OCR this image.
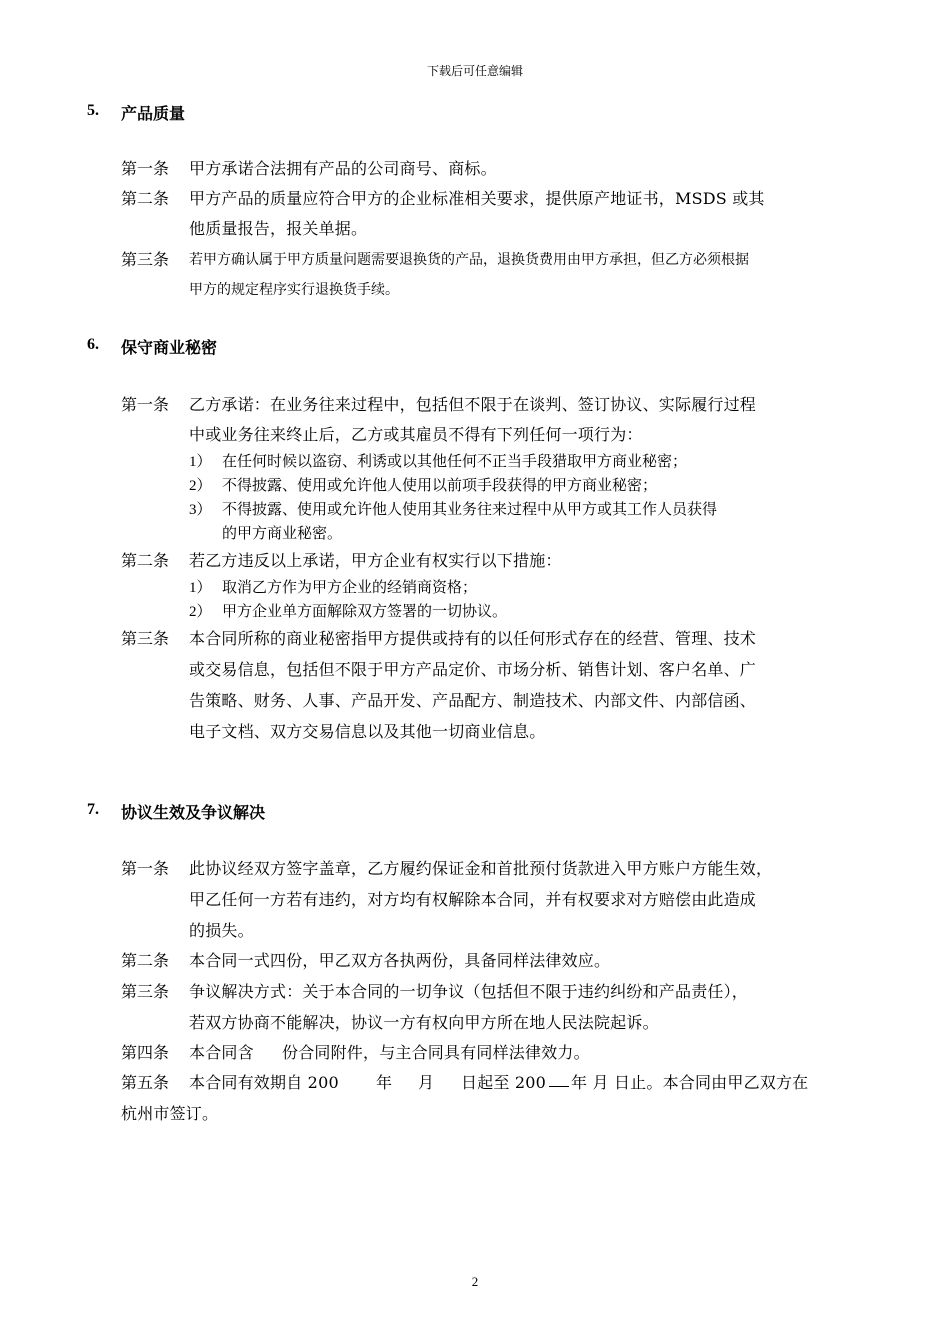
下载后可任意编辑
5. 产品质量
第一条 甲方承诺合法拥有产品的公司商号、商标。
第二条 甲方产品的质量应符合甲方的企业标准相关要求，提供原产地证书，MSDS 或其
他质量报告，报关单据。
第三条 若甲方确认属于甲方质量问题需要退换货的产品，退换货费用由甲方承担，但乙方必须根据
甲方的规定程序实行退换货手续。
6. 保守商业秘密
第一条 乙方承诺：在业务往来过程中，包括但不限于在谈判、签订协议、实际履行过程
中或业务往来终止后，乙方或其雇员不得有下列任何一项行为：
1） 在任何时候以盗窃、利诱或以其他任何不正当手段猎取甲方商业秘密；
2） 不得披露、使用或允许他人使用以前项手段获得的甲方商业秘密；
3） 不得披露、使用或允许他人使用其业务往来过程中从甲方或其工作人员获得
的甲方商业秘密。
第二条 若乙方违反以上承诺，甲方企业有权实行以下措施：
1） 取消乙方作为甲方企业的经销商资格；
2） 甲方企业单方面解除双方签署的一切协议。
第三条 本合同所称的商业秘密指甲方提供或持有的以任何形式存在的经营、管理、技术
或交易信息，包括但不限于甲方产品定价、市场分析、销售计划、客户名单、广
告策略、财务、人事、产品开发、产品配方、制造技术、内部文件、内部信函、
电子文档、双方交易信息以及其他一切商业信息。
7. 协议生效及争议解决
第一条 此协议经双方签字盖章，乙方履约保证金和首批预付货款进入甲方账户方能生效，
甲乙任何一方若有违约，对方均有权解除本合同，并有权要求对方赔偿由此造成
的损失。
第二条 本合同一式四份，甲乙双方各执两份，具备同样法律效应。
第三条 争议解决方式：关于本合同的一切争议（包括但不限于违约纠纷和产品责任），
若双方协商不能解决，协议一方有权向甲方所在地人民法院起诉。
第四条 本合同含 份合同附件，与主合同具有同样法律效力。
第五条 本合同有效期自 200 年 月 日起至 200 年 月 日止。本合同由甲乙双方在
杭州市签订。
2
